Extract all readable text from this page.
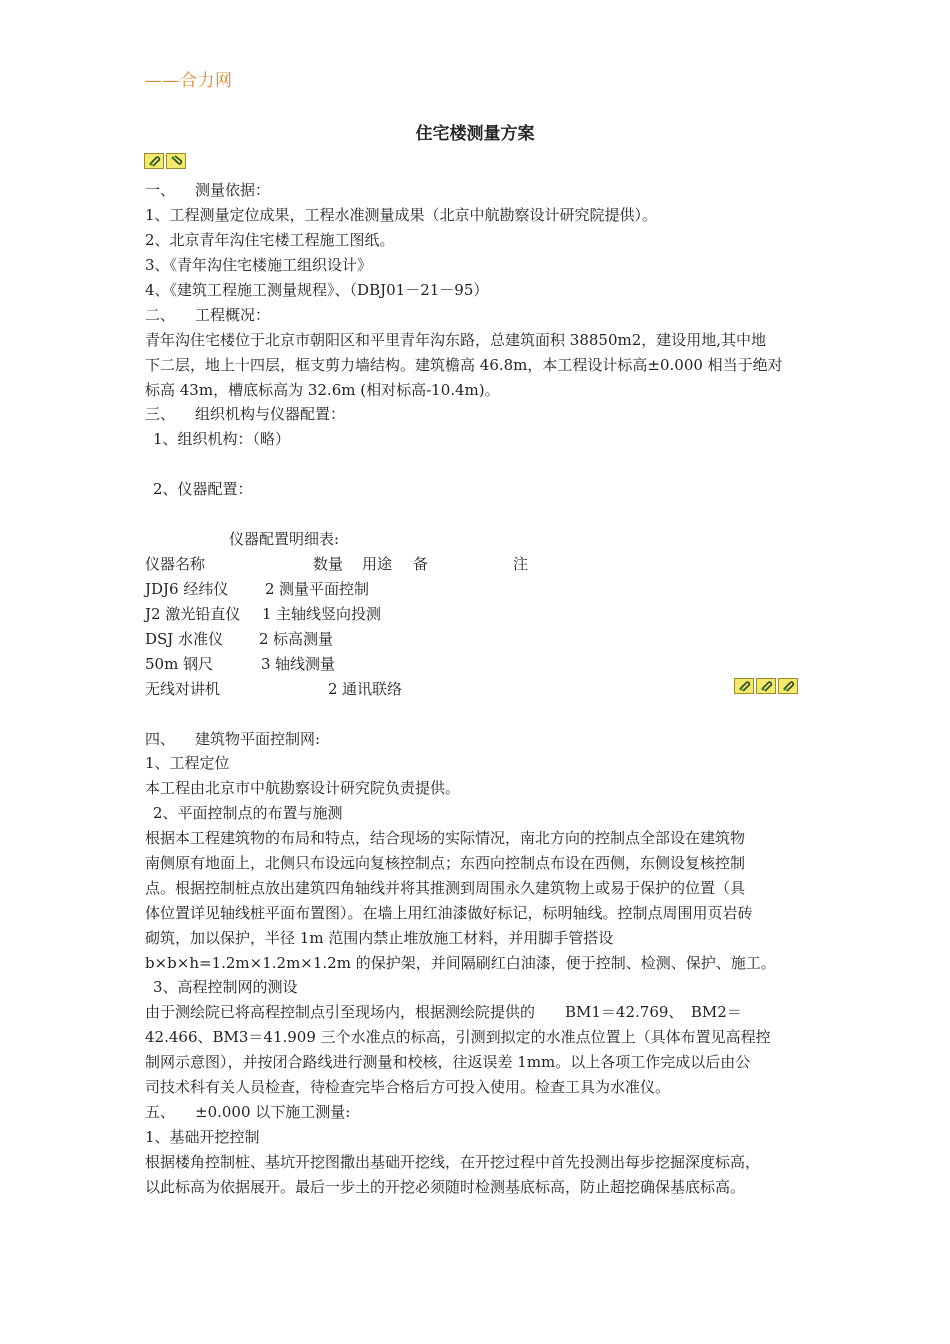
——合力网
住宅楼测量方案
一、 测量依据：
1、工程测量定位成果，工程水准测量成果（北京中航勘察设计研究院提供）。
2、北京青年沟住宅楼工程施工图纸。
3、《青年沟住宅楼施工组织设计》
4、《建筑工程施工测量规程》、（DBJ01－21－95）
二、 工程概况：
青年沟住宅楼位于北京市朝阳区和平里青年沟东路，总建筑面积 38850m2，建设用地,其中地
下二层，地上十四层，框支剪力墙结构。建筑檐高 46.8m，本工程设计标高±0.000 相当于绝对
标高 43m，槽底标高为 32.6m (相对标高-10.4m)。
三、 组织机构与仪器配置：
1、组织机构：（略）
2、仪器配置：
仪器配置明细表:
仪器名称	数量 用途 备	注
JDJ6 经纬仪 2 测量平面控制
J2 激光铅直仪 1 主轴线竖向投测
DSJ 水准仪 2 标高测量
50m 钢尺	3 轴线测量
无线对讲机	2 通讯联络
四、 建筑物平面控制网:
1、工程定位
本工程由北京市中航勘察设计研究院负责提供。
2、平面控制点的布置与施测
根据本工程建筑物的布局和特点，结合现场的实际情况，南北方向的控制点全部设在建筑物
南侧原有地面上，北侧只布设远向复核控制点；东西向控制点布设在西侧，东侧设复核控制
点。根据控制桩点放出建筑四角轴线并将其推测到周围永久建筑物上或易于保护的位置（具
体位置详见轴线桩平面布置图）。在墙上用红油漆做好标记，标明轴线。控制点周围用页岩砖
砌筑，加以保护，半径 1m 范围内禁止堆放施工材料，并用脚手管搭设
b×b×h=1.2m×1.2m×1.2m 的保护架，并间隔刷红白油漆，便于控制、检测、保护、施工。
3、高程控制网的测设
由于测绘院已将高程控制点引至现场内，根据测绘院提供的　　BM1＝42.769、　BM2＝
42.466、BM3＝41.909 三个水准点的标高，引测到拟定的水准点位置上（具体布置见高程控
制网示意图），并按闭合路线进行测量和校核，往返误差 1mm。以上各项工作完成以后由公
司技术科有关人员检查，待检查完毕合格后方可投入使用。检查工具为水准仪。
五、 ±0.000 以下施工测量:
1、基础开挖控制
根据楼角控制桩、基坑开挖图撒出基础开挖线，在开挖过程中首先投测出每步挖掘深度标高，
以此标高为依据展开。最后一步土的开挖必须随时检测基底标高，防止超挖确保基底标高。
